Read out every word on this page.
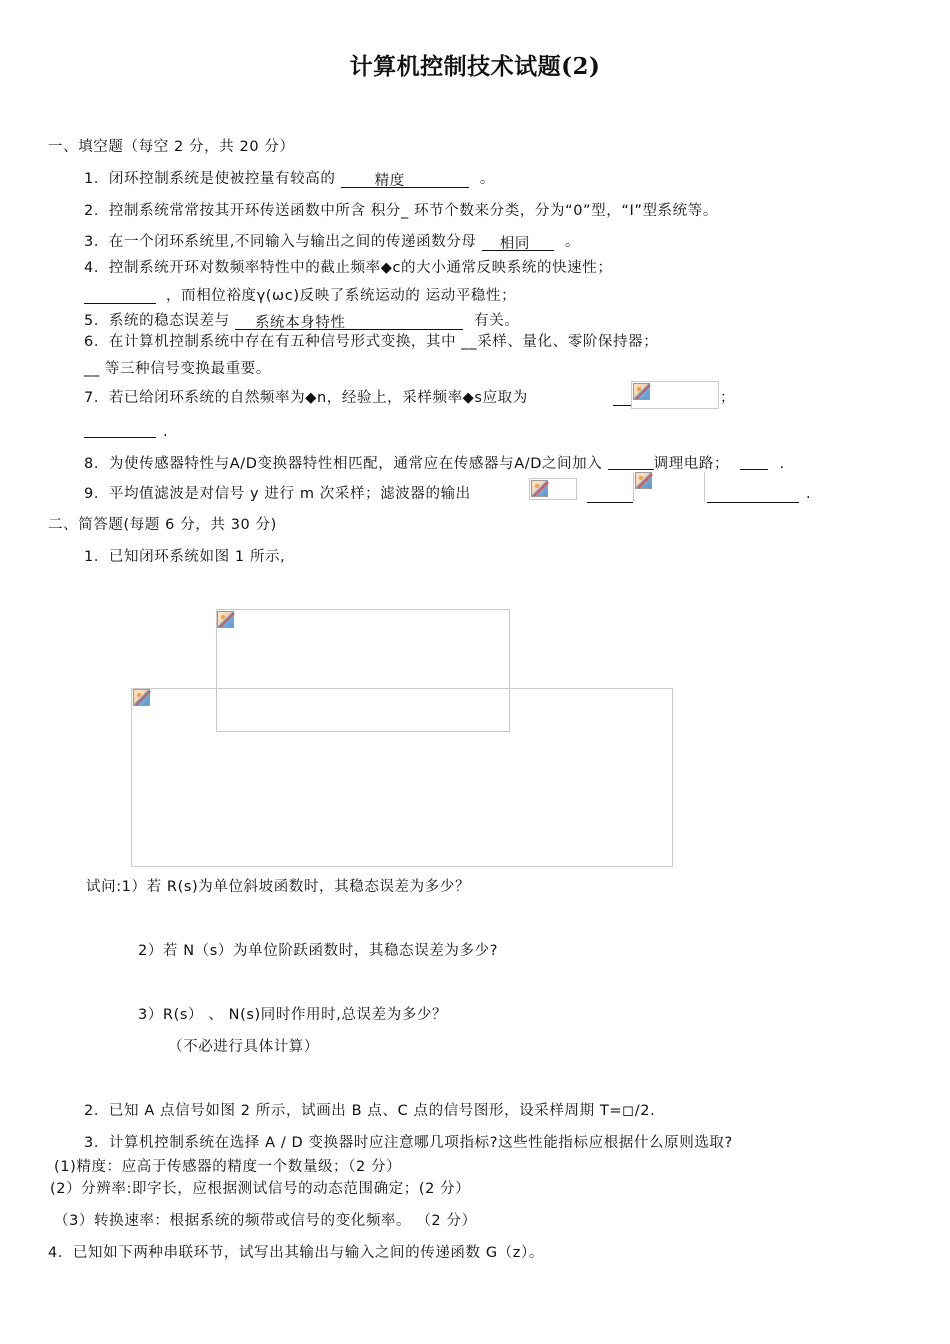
计算机控制技术试题(2)
一、填空题（每空 2 分，共 20 分）
1．闭环控制系统是使被控量有较高的	精度	。
2．控制系统常常按其开环传送函数中所含 积分_ 环节个数来分类，分为“0”型，“Ⅰ”型系统等。
3．在一个闭环系统里,不同输入与输出之间的传递函数分母 相同 。
4．控制系统开环对数频率特性中的截止频率◆c的大小通常反映系统的快速性；
，而相位裕度γ(ωc)反映了系统运动的 运动平稳性；
5．系统的稳态误差与 系统本身特性	有关。
6．在计算机控制系统中存在有五种信号形式变换，其中 __采样、量化、零阶保持器；
__ 等三种信号变换最重要。
7．若已给闭环系统的自然频率为◆n，经验上，采样频率◆s应取为	；
.
8．为使传感器特性与A/D变换器特性相匹配，通常应在传感器与A/D之间加入	调理电路；	.
9．平均值滤波是对信号 y 进行 m 次采样；滤波器的输出	.
二、简答题(每题 6 分，共 30 分)
1．已知闭环系统如图 1 所示,
试问:1）若 R(s)为单位斜坡函数时，其稳态误差为多少？
2）若 N（s）为单位阶跃函数时，其稳态误差为多少?
3）R(s） 、 N(s)同时作用时,总误差为多少？
（不必进行具体计算）
2．已知 A 点信号如图 2 所示，试画出 B 点、C 点的信号图形，设采样周期 T=◻/2.
3．计算机控制系统在选择 A / D 变换器时应注意哪几项指标?这些性能指标应根据什么原则选取?
(1)精度：应高于传感器的精度一个数量级；（2 分）
(2）分辨率:即字长，应根据测试信号的动态范围确定；(2 分）
（3）转换速率：根据系统的频带或信号的变化频率。 （2 分）
4．已知如下两种串联环节，试写出其输出与输入之间的传递函数 G（z）。
